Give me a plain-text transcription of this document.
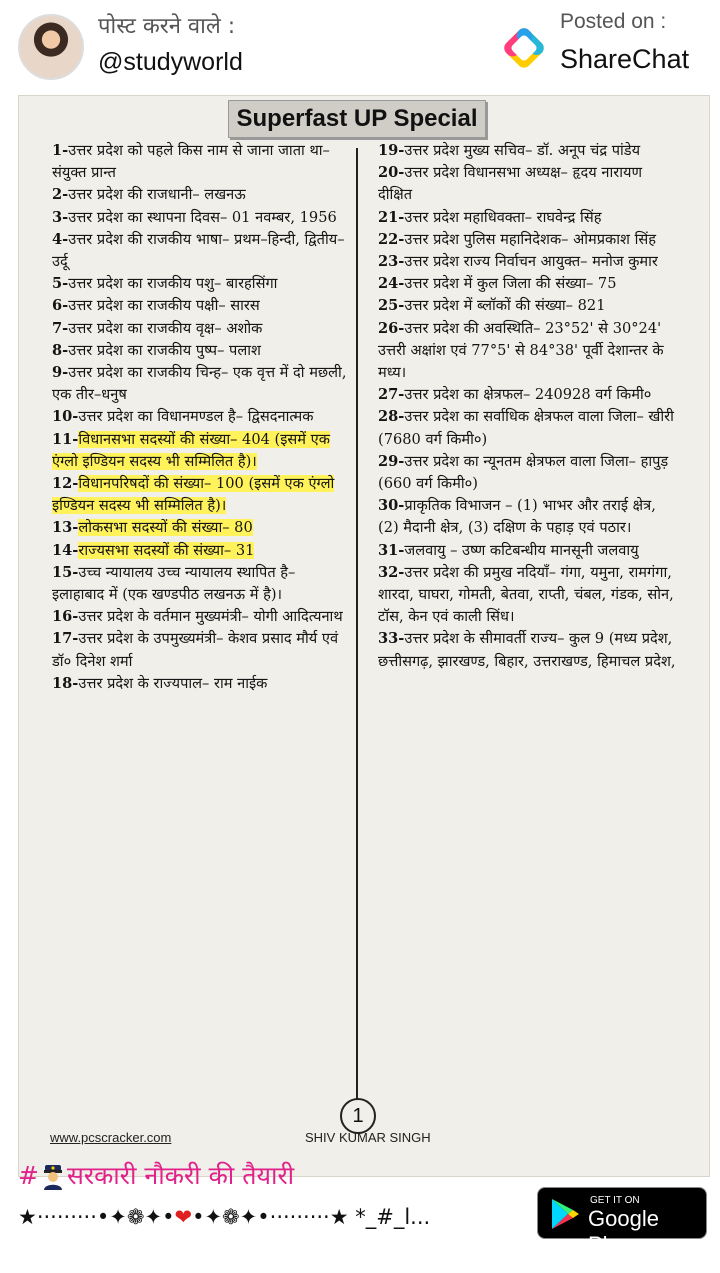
पोस्ट करने वाले :
@studyworld
Posted on :
ShareChat
Superfast UP Special

1-उत्तर प्रदेश को पहले किस नाम से जाना जाता था– संयुक्त प्रान्त

2-उत्तर प्रदेश की राजधानी– लखनऊ

3-उत्तर प्रदेश का स्थापना दिवस– 01 नवम्बर, 1956

4-उत्तर प्रदेश की राजकीय भाषा– प्रथम–हिन्दी, द्वितीय–उर्दू

5-उत्तर प्रदेश का राजकीय पशु– बारहसिंगा

6-उत्तर प्रदेश का राजकीय पक्षी– सारस

7-उत्तर प्रदेश का राजकीय वृक्ष– अशोक

8-उत्तर प्रदेश का राजकीय पुष्प– पलाश

9-उत्तर प्रदेश का राजकीय चिन्ह– एक वृत्त में दो मछली, एक तीर–धनुष

10-उत्तर प्रदेश का विधानमण्डल है– द्विसदनात्मक

11-विधानसभा सदस्यों की संख्या– 404 (इसमें एक एंग्लो इण्डियन सदस्य भी सम्मिलित है)।

12-विधानपरिषदों की संख्या– 100 (इसमें एक एंग्लो इण्डियन सदस्य भी सम्मिलित है)।

13-लोकसभा सदस्यों की संख्या– 80

14-राज्यसभा सदस्यों की संख्या– 31

15-उच्च न्यायालय उच्च न्यायालय स्थापित है– इलाहाबाद में (एक खण्डपीठ लखनऊ में है)।

16-उत्तर प्रदेश के वर्तमान मुख्यमंत्री– योगी आदित्यनाथ

17-उत्तर प्रदेश के उपमुख्यमंत्री– केशव प्रसाद मौर्य एवं डॉ० दिनेश शर्मा

18-उत्तर प्रदेश के राज्यपाल– राम नाईक

19-उत्तर प्रदेश मुख्य सचिव– डॉ. अनूप चंद्र पांडेय

20-उत्तर प्रदेश विधानसभा अध्यक्ष– हृदय नारायण दीक्षित

21-उत्तर प्रदेश महाधिवक्ता– राघवेन्द्र सिंह

22-उत्तर प्रदेश पुलिस महानिदेशक– ओमप्रकाश सिंह

23-उत्तर प्रदेश राज्य निर्वाचन आयुक्त– मनोज कुमार

24-उत्तर प्रदेश में कुल जिला की संख्या– 75

25-उत्तर प्रदेश में ब्लॉकों की संख्या– 821

26-उत्तर प्रदेश की अवस्थिति– 23°52' से 30°24' उत्तरी अक्षांश एवं 77°5' से 84°38' पूर्वी देशान्तर के मध्य।

27-उत्तर प्रदेश का क्षेत्रफल– 240928 वर्ग किमी०

28-उत्तर प्रदेश का सर्वाधिक क्षेत्रफल वाला जिला– खीरी (7680 वर्ग किमी०)

29-उत्तर प्रदेश का न्यूनतम क्षेत्रफल वाला जिला– हापुड़ (660 वर्ग किमी०)

30-प्राकृतिक विभाजन – (1) भाभर और तराई क्षेत्र, (2) मैदानी क्षेत्र, (3) दक्षिण के पहाड़ एवं पठार।

31-जलवायु – उष्ण कटिबन्धीय मानसूनी जलवायु

32-उत्तर प्रदेश की प्रमुख नदियाँ– गंगा, यमुना, रामगंगा, शारदा, घाघरा, गोमती, बेतवा, राप्ती, चंबल, गंडक, सोन, टॉस, केन एवं काली सिंध।

33-उत्तर प्रदेश के सीमावर्ती राज्य– कुल 9 (मध्य प्रदेश, छत्तीसगढ़, झारखण्ड, बिहार, उत्तराखण्ड, हिमाचल प्रदेश,

1
www.pcscracker.com	SHIV KUMAR SINGH
# सरकारी नौकरी की तैयारी
★·········•✦❁✦•❤•✦❁✦•·········★ *_#_l...
GET IT ON
Google Play
